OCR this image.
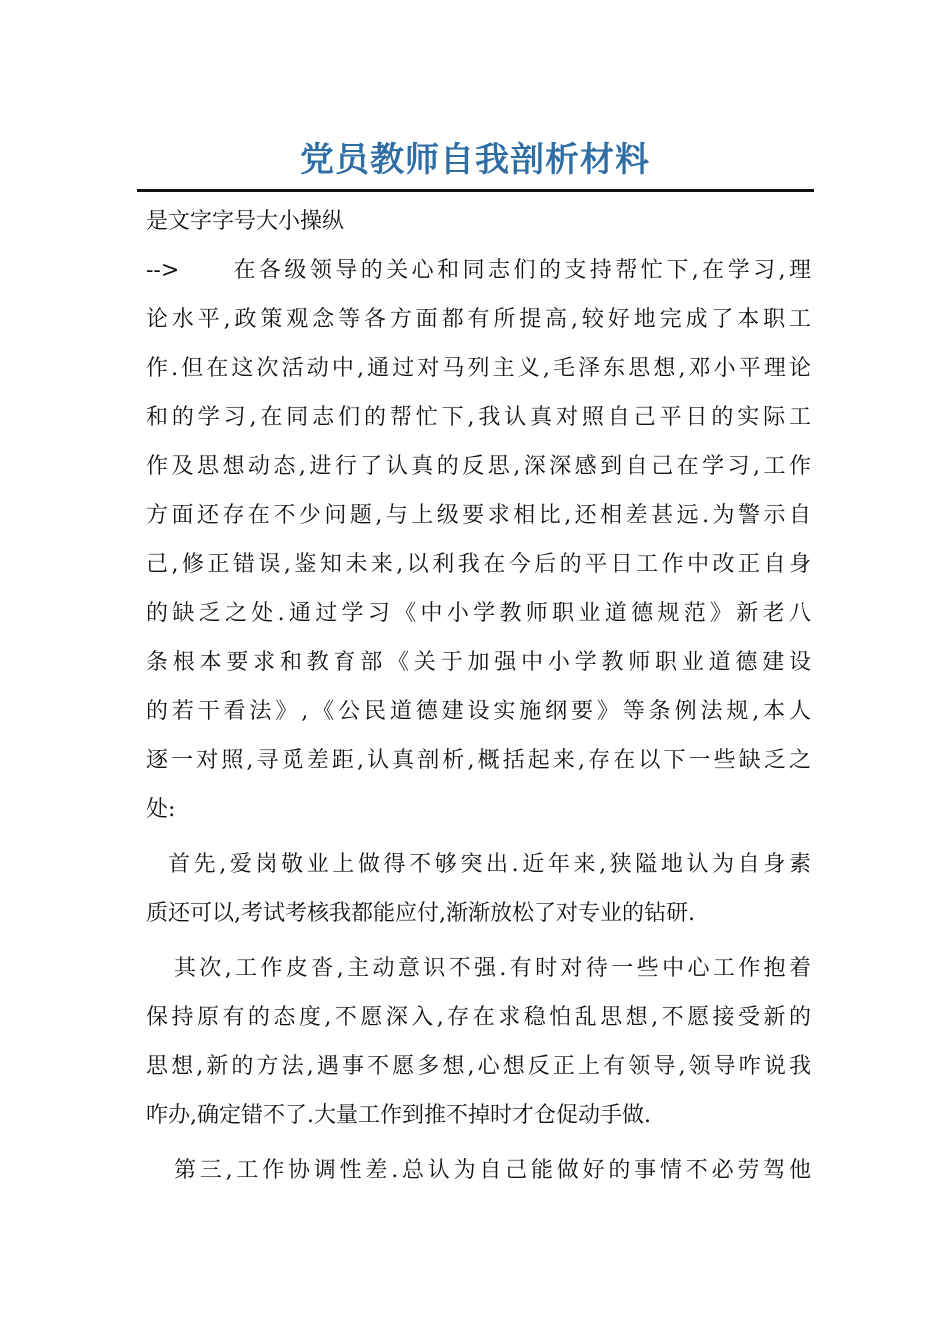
党员教师自我剖析材料
是文字字号大小操纵
--> 在各级领导的关心和同志们的支持帮忙下,在学习,理
论水平,政策观念等各方面都有所提高,较好地完成了本职工
作.但在这次活动中,通过对马列主义,毛泽东思想,邓小平理论
和的学习,在同志们的帮忙下,我认真对照自己平日的实际工
作及思想动态,进行了认真的反思,深深感到自己在学习,工作
方面还存在不少问题,与上级要求相比,还相差甚远.为警示自
己,修正错误,鉴知未来,以利我在今后的平日工作中改正自身
的缺乏之处.通过学习《中小学教师职业道德规范》新老八
条根本要求和教育部《关于加强中小学教师职业道德建设
的若干看法》,《公民道德建设实施纲要》等条例法规,本人
逐一对照,寻觅差距,认真剖析,概括起来,存在以下一些缺乏之
处:
首先,爱岗敬业上做得不够突出.近年来,狭隘地认为自身素
质还可以,考试考核我都能应付,渐渐放松了对专业的钻研.
其次,工作皮沓,主动意识不强.有时对待一些中心工作抱着
保持原有的态度,不愿深入,存在求稳怕乱思想,不愿接受新的
思想,新的方法,遇事不愿多想,心想反正上有领导,领导咋说我
咋办,确定错不了.大量工作到推不掉时才仓促动手做.
第三,工作协调性差.总认为自己能做好的事情不必劳驾他
